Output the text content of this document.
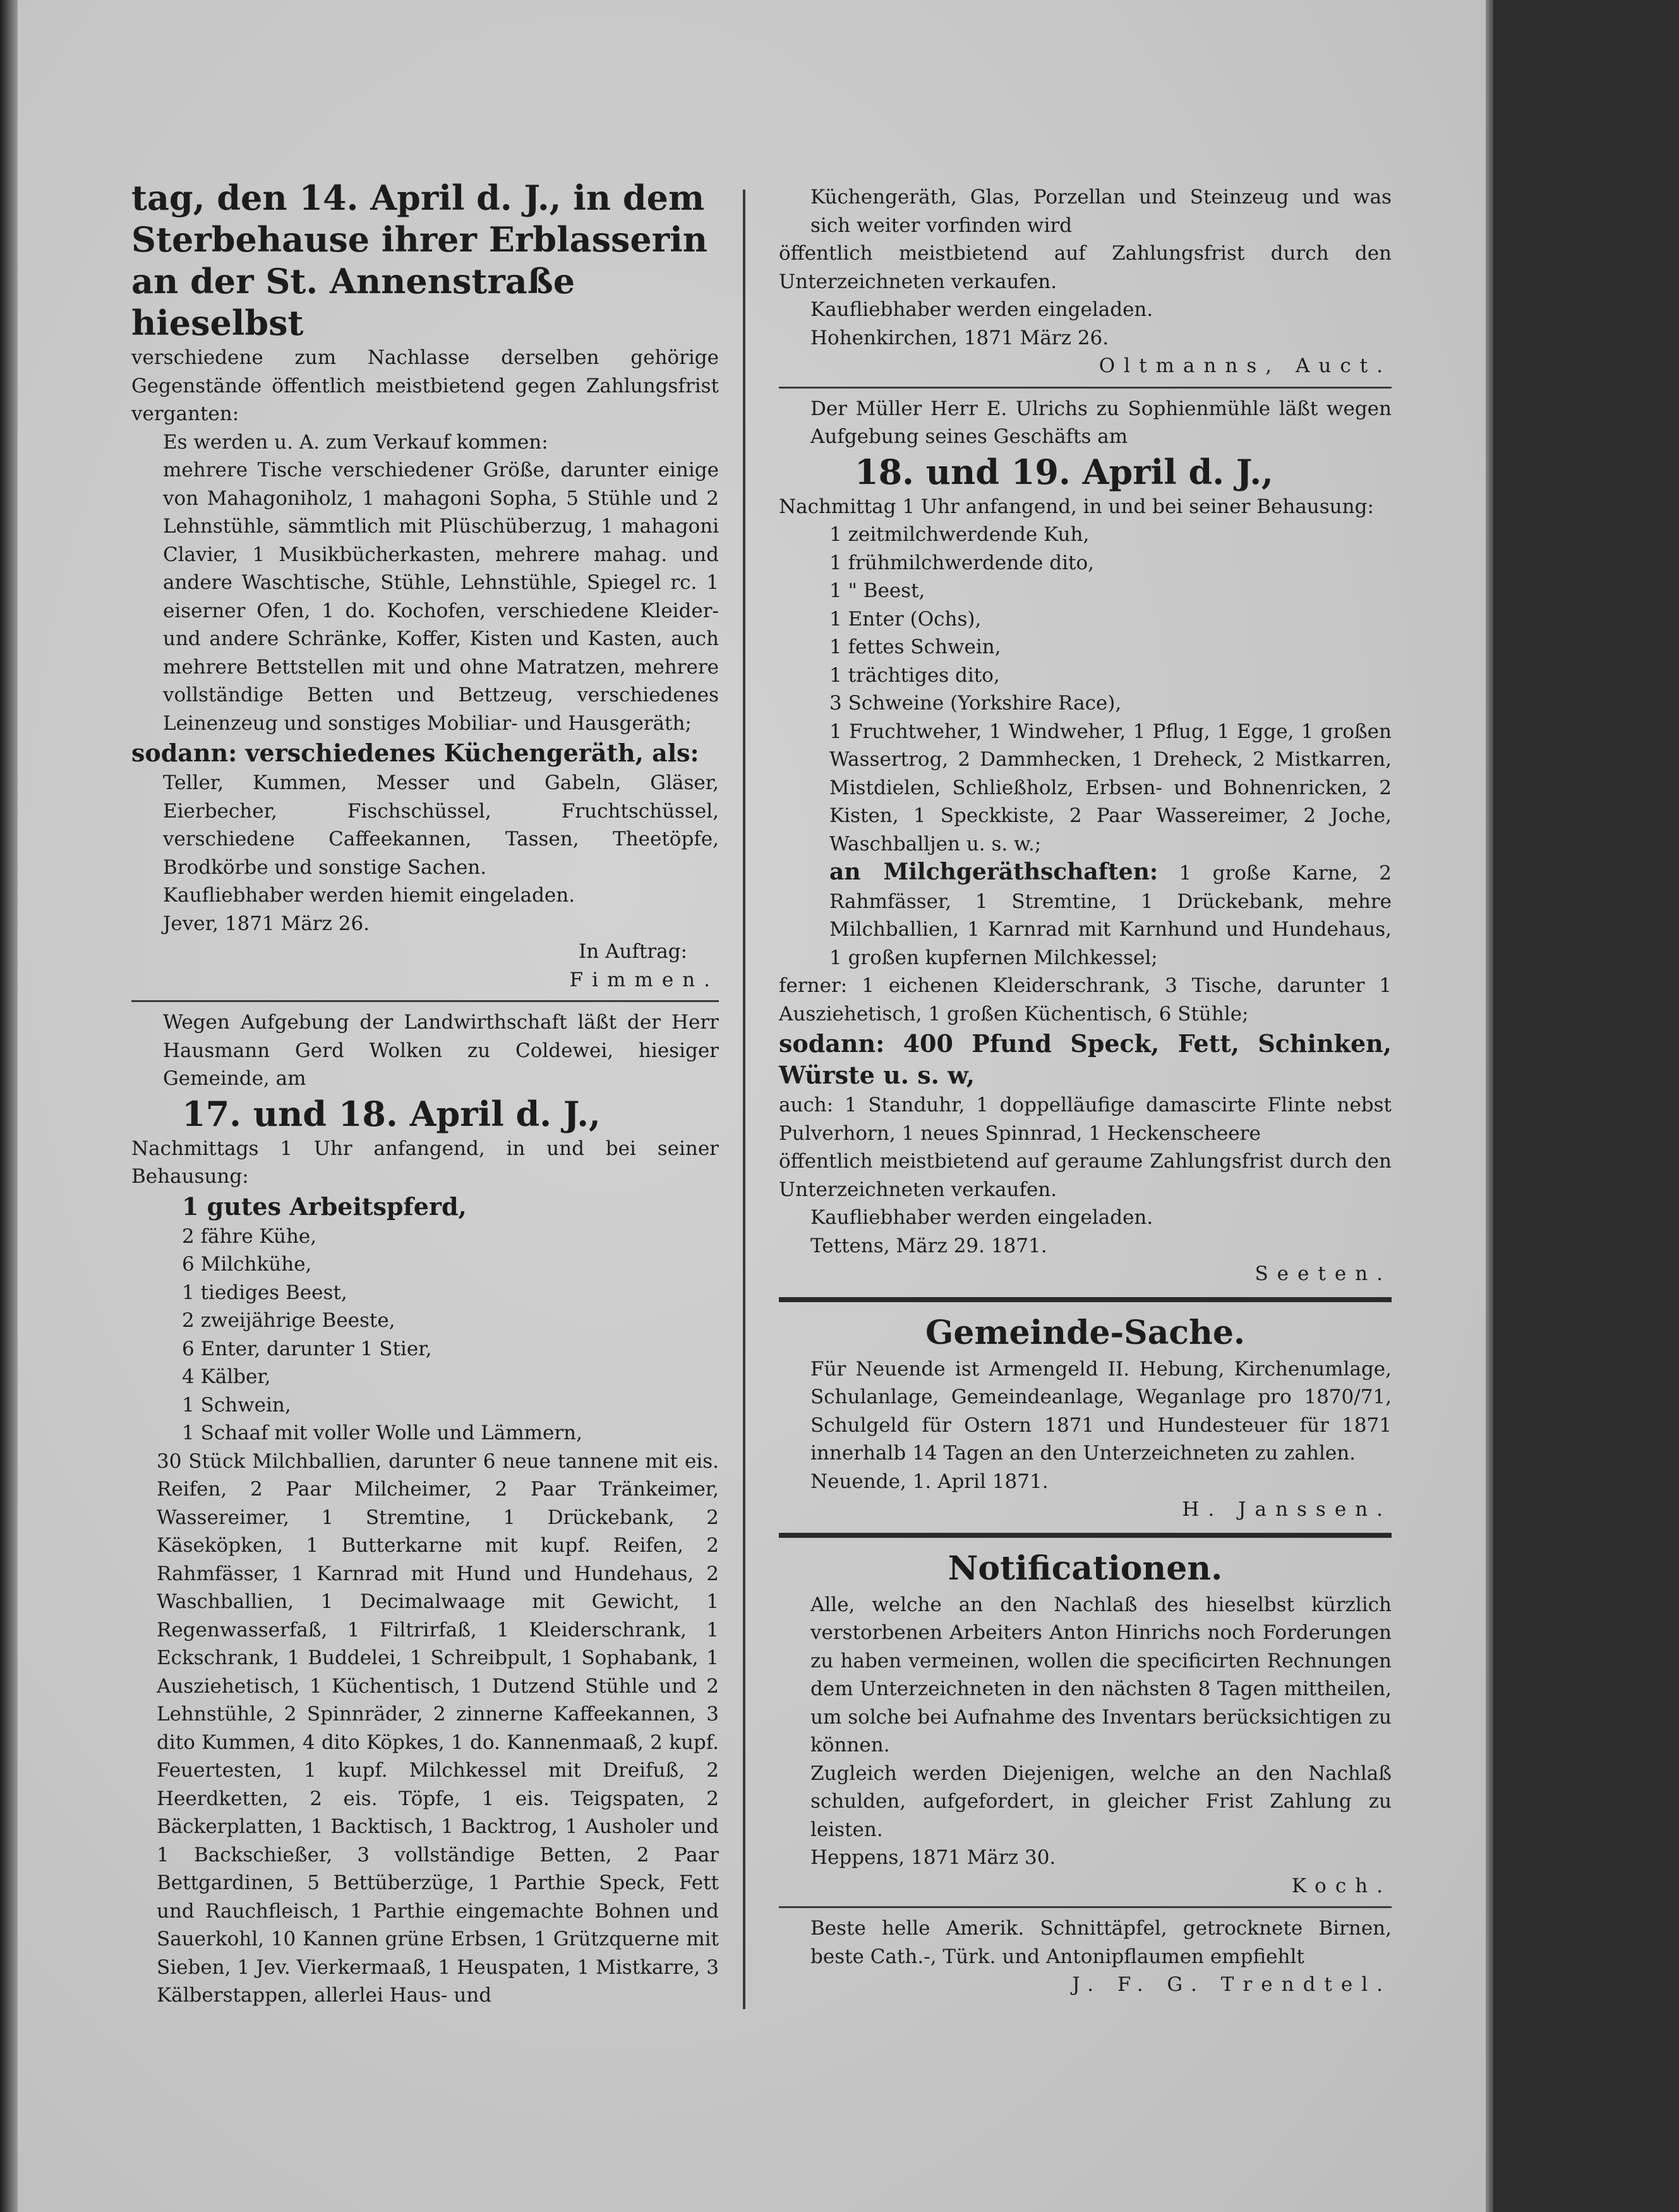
tag, den 14. April d. J., in dem Sterbehause ihrer Erblasserin an der St. Annenstraße hieselbst

verschiedene zum Nachlasse derselben gehörige Gegenstände öffentlich meistbietend gegen Zahlungsfrist verganten:

Es werden u. A. zum Verkauf kommen:

mehrere Tische verschiedener Größe, darunter einige von Mahagoniholz, 1 mahagoni Sopha, 5 Stühle und 2 Lehnstühle, sämmtlich mit Plüschüberzug, 1 mahagoni Clavier, 1 Musikbücherkasten, mehrere mahag. und andere Waschtische, Stühle, Lehnstühle, Spiegel rc. 1 eiserner Ofen, 1 do. Kochofen, verschiedene Kleider- und andere Schränke, Koffer, Kisten und Kasten, auch mehrere Bettstellen mit und ohne Matratzen, mehrere vollständige Betten und Bettzeug, verschiedenes Leinenzeug und sonstiges Mobiliar- und Hausgeräth;

sodann: verschiedenes Küchengeräth, als:

Teller, Kummen, Messer und Gabeln, Gläser, Eierbecher, Fischschüssel, Fruchtschüssel, verschiedene Caffeekannen, Tassen, Theetöpfe, Brodkörbe und sonstige Sachen.

Kaufliebhaber werden hiemit eingeladen.

Jever, 1871 März 26.

In Auftrag:

Fimmen.

Wegen Aufgebung der Landwirthschaft läßt der Herr Hausmann Gerd Wolken zu Coldewei, hiesiger Gemeinde, am

17. und 18. April d. J.,

Nachmittags 1 Uhr anfangend, in und bei seiner Behausung:

1 gutes Arbeitspferd,

2 fähre Kühe,

6 Milchkühe,

1 tiediges Beest,

2 zweijährige Beeste,

6 Enter, darunter 1 Stier,

4 Kälber,

1 Schwein,

1 Schaaf mit voller Wolle und Lämmern,

30 Stück Milchballien, darunter 6 neue tannene mit eis. Reifen, 2 Paar Milcheimer, 2 Paar Tränkeimer, Wassereimer, 1 Stremtine, 1 Drückebank, 2 Käseköpken, 1 Butterkarne mit kupf. Reifen, 2 Rahmfässer, 1 Karnrad mit Hund und Hundehaus, 2 Waschballien, 1 Decimalwaage mit Gewicht, 1 Regenwasserfaß, 1 Filtrirfaß, 1 Kleiderschrank, 1 Eckschrank, 1 Buddelei, 1 Schreibpult, 1 Sophabank, 1 Ausziehetisch, 1 Küchentisch, 1 Dutzend Stühle und 2 Lehnstühle, 2 Spinnräder, 2 zinnerne Kaffeekannen, 3 dito Kummen, 4 dito Köpkes, 1 do. Kannenmaaß, 2 kupf. Feuertesten, 1 kupf. Milchkessel mit Dreifuß, 2 Heerdketten, 2 eis. Töpfe, 1 eis. Teigspaten, 2 Bäckerplatten, 1 Backtisch, 1 Backtrog, 1 Ausholer und 1 Backschießer, 3 vollständige Betten, 2 Paar Bettgardinen, 5 Bettüberzüge, 1 Parthie Speck, Fett und Rauchfleisch, 1 Parthie eingemachte Bohnen und Sauerkohl, 10 Kannen grüne Erbsen, 1 Grützquerne mit Sieben, 1 Jev. Vierkermaaß, 1 Heuspaten, 1 Mistkarre, 3 Kälberstappen, allerlei Haus- und

Küchengeräth, Glas, Porzellan und Steinzeug und was sich weiter vorfinden wird

öffentlich meistbietend auf Zahlungsfrist durch den Unterzeichneten verkaufen.

Kaufliebhaber werden eingeladen.

Hohenkirchen, 1871 März 26.

Oltmanns, Auct.

Der Müller Herr E. Ulrichs zu Sophienmühle läßt wegen Aufgebung seines Geschäfts am

18. und 19. April d. J.,

Nachmittag 1 Uhr anfangend, in und bei seiner Behausung:

1 zeitmilchwerdende Kuh,

1 frühmilchwerdende dito,

1 " Beest,

1 Enter (Ochs),

1 fettes Schwein,

1 trächtiges dito,

3 Schweine (Yorkshire Race),

1 Fruchtweher, 1 Windweher, 1 Pflug, 1 Egge, 1 großen Wassertrog, 2 Dammhecken, 1 Dreheck, 2 Mistkarren, Mistdielen, Schließholz, Erbsen- und Bohnenricken, 2 Kisten, 1 Speckkiste, 2 Paar Wassereimer, 2 Joche, Waschballjen u. s. w.;

an Milchgeräthschaften: 1 große Karne, 2 Rahmfässer, 1 Stremtine, 1 Drückebank, mehre Milchballien, 1 Karnrad mit Karnhund und Hundehaus, 1 großen kupfernen Milchkessel;

ferner: 1 eichenen Kleiderschrank, 3 Tische, darunter 1 Ausziehetisch, 1 großen Küchentisch, 6 Stühle;

sodann: 400 Pfund Speck, Fett, Schinken, Würste u. s. w,

auch: 1 Standuhr, 1 doppelläufige damascirte Flinte nebst Pulverhorn, 1 neues Spinnrad, 1 Heckenscheere

öffentlich meistbietend auf geraume Zahlungsfrist durch den Unterzeichneten verkaufen.

Kaufliebhaber werden eingeladen.

Tettens, März 29. 1871.

Seeten.

Gemeinde-Sache.

Für Neuende ist Armengeld II. Hebung, Kirchenumlage, Schulanlage, Gemeindeanlage, Weganlage pro 1870/71, Schulgeld für Ostern 1871 und Hundesteuer für 1871 innerhalb 14 Tagen an den Unterzeichneten zu zahlen.

Neuende, 1. April 1871.

H. Janssen.

Notificationen.

Alle, welche an den Nachlaß des hieselbst kürzlich verstorbenen Arbeiters Anton Hinrichs noch Forderungen zu haben vermeinen, wollen die specificirten Rechnungen dem Unterzeichneten in den nächsten 8 Tagen mittheilen, um solche bei Aufnahme des Inventars berücksichtigen zu können.

Zugleich werden Diejenigen, welche an den Nachlaß schulden, aufgefordert, in gleicher Frist Zahlung zu leisten.

Heppens, 1871 März 30.

Koch.

Beste helle Amerik. Schnittäpfel, getrocknete Birnen, beste Cath.-, Türk. und Antonipflaumen empfiehlt

J. F. G. Trendtel.
